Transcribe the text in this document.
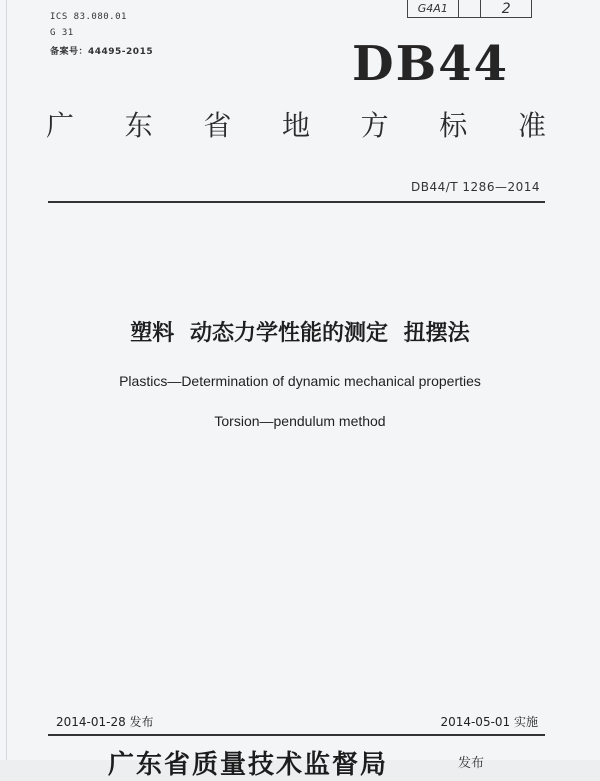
ICS 83.080.01
G 31
备案号：44495-2015
G4A1	2
DB44
广 东 省 地 方 标 准
DB44/T 1286—2014
塑料 动态力学性能的测定 扭摆法
Plastics—Determination of dynamic mechanical properties
Torsion—pendulum method
2014-01-28 发布	2014-05-01 实施
广东省质量技术监督局	发布
